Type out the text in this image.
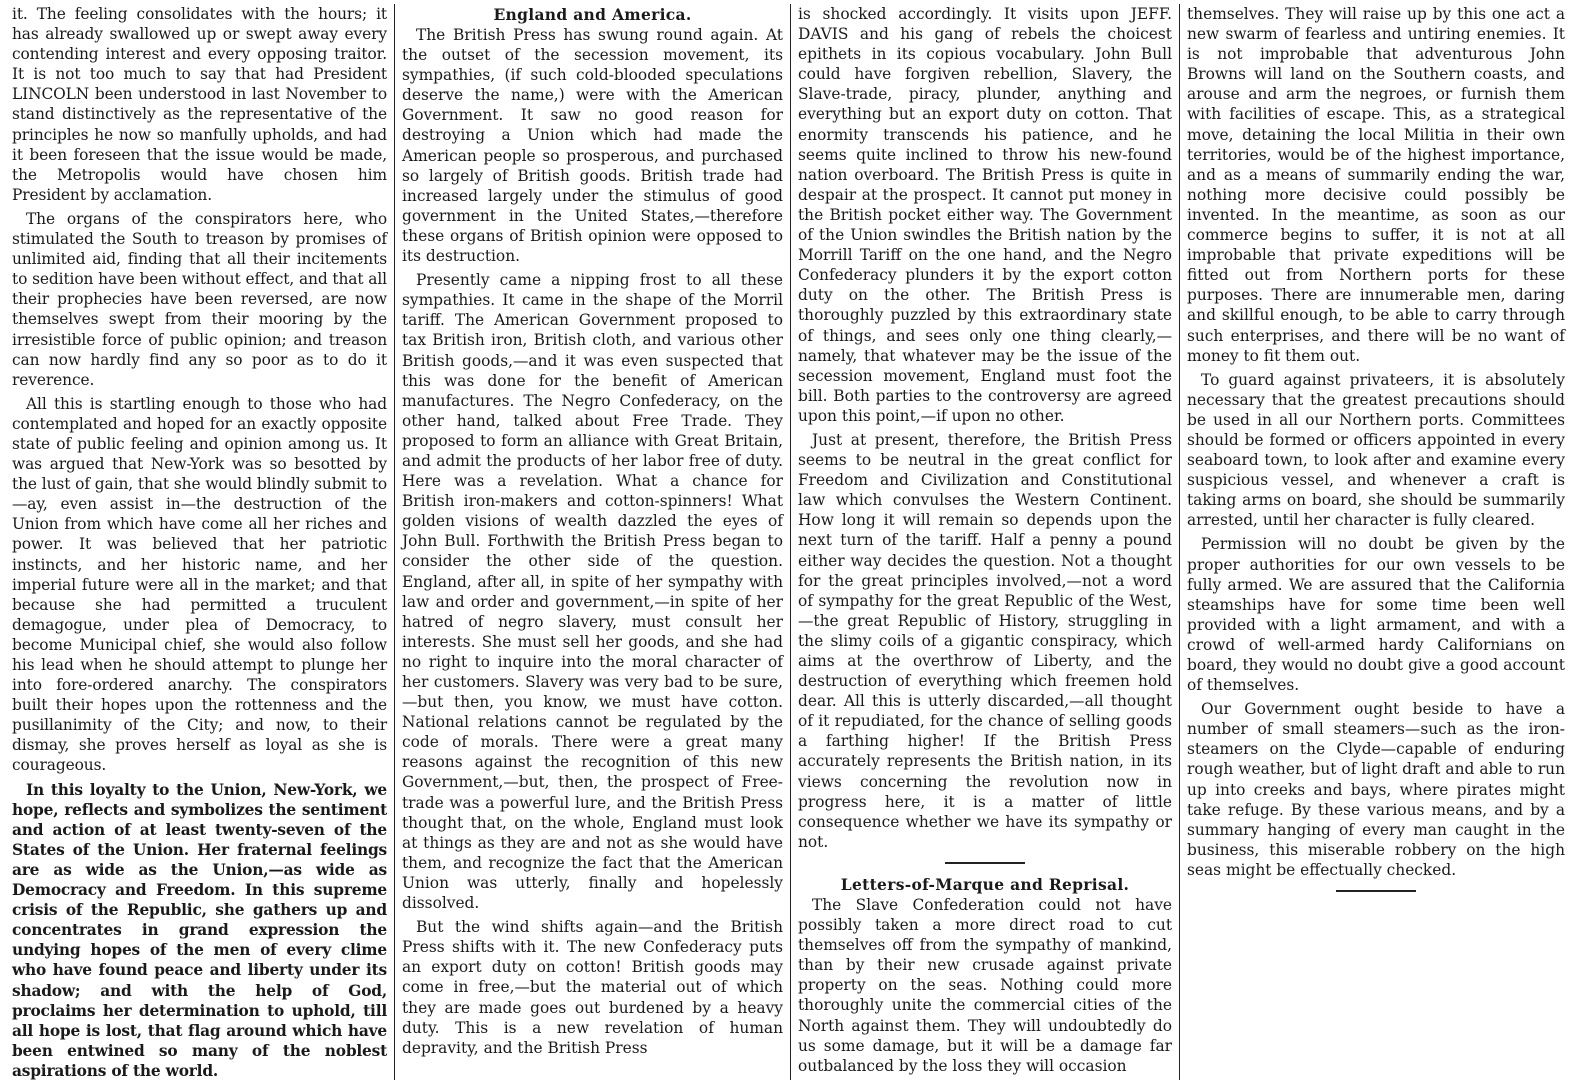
it. The feeling consolidates with the hours; it has already swallowed up or swept away every contending interest and every opposing traitor. It is not too much to say that had President LINCOLN been understood in last November to stand distinctively as the representative of the principles he now so manfully upholds, and had it been foreseen that the issue would be made, the Metropolis would have chosen him President by acclamation.

The organs of the conspirators here, who stimulated the South to treason by promises of unlimited aid, finding that all their incitements to sedition have been without effect, and that all their prophecies have been reversed, are now themselves swept from their mooring by the irresistible force of public opinion; and treason can now hardly find any so poor as to do it reverence.

All this is startling enough to those who had contemplated and hoped for an exactly opposite state of public feeling and opinion among us. It was argued that New-York was so besotted by the lust of gain, that she would blindly submit to—ay, even assist in—the destruction of the Union from which have come all her riches and power. It was believed that her patriotic instincts, and her historic name, and her imperial future were all in the market; and that because she had permitted a truculent demagogue, under plea of Democracy, to become Municipal chief, she would also follow his lead when he should attempt to plunge her into fore-ordered anarchy. The conspirators built their hopes upon the rottenness and the pusillanimity of the City; and now, to their dismay, she proves herself as loyal as she is courageous.

In this loyalty to the Union, New-York, we hope, reflects and symbolizes the sentiment and action of at least twenty-seven of the States of the Union. Her fraternal feelings are as wide as the Union,—as wide as Democracy and Freedom. In this supreme crisis of the Republic, she gathers up and concentrates in grand expression the undying hopes of the men of every clime who have found peace and liberty under its shadow; and with the help of God, proclaims her determination to uphold, till all hope is lost, that flag around which have been entwined so many of the noblest aspirations of the world.

England and America.

The British Press has swung round again. At the outset of the secession movement, its sympathies, (if such cold-blooded speculations deserve the name,) were with the American Government. It saw no good reason for destroying a Union which had made the American people so prosperous, and purchased so largely of British goods. British trade had increased largely under the stimulus of good government in the United States,—therefore these organs of British opinion were opposed to its destruction.

Presently came a nipping frost to all these sympathies. It came in the shape of the Morril tariff. The American Government proposed to tax British iron, British cloth, and various other British goods,—and it was even suspected that this was done for the benefit of American manufactures. The Negro Confederacy, on the other hand, talked about Free Trade. They proposed to form an alliance with Great Britain, and admit the products of her labor free of duty. Here was a revelation. What a chance for British iron-makers and cotton-spinners! What golden visions of wealth dazzled the eyes of John Bull. Forthwith the British Press began to consider the other side of the question. England, after all, in spite of her sympathy with law and order and government,—in spite of her hatred of negro slavery, must consult her interests. She must sell her goods, and she had no right to inquire into the moral character of her customers. Slavery was very bad to be sure,—but then, you know, we must have cotton. National relations cannot be regulated by the code of morals. There were a great many reasons against the recognition of this new Government,—but, then, the prospect of Free-trade was a powerful lure, and the British Press thought that, on the whole, England must look at things as they are and not as she would have them, and recognize the fact that the American Union was utterly, finally and hopelessly dissolved.

But the wind shifts again—and the British Press shifts with it. The new Confederacy puts an export duty on cotton! British goods may come in free,—but the material out of which they are made goes out burdened by a heavy duty. This is a new revelation of human depravity, and the British Press

is shocked accordingly. It visits upon JEFF. DAVIS and his gang of rebels the choicest epithets in its copious vocabulary. John Bull could have forgiven rebellion, Slavery, the Slave-trade, piracy, plunder, anything and everything but an export duty on cotton. That enormity transcends his patience, and he seems quite inclined to throw his new-found nation overboard. The British Press is quite in despair at the prospect. It cannot put money in the British pocket either way. The Government of the Union swindles the British nation by the Morrill Tariff on the one hand, and the Negro Confederacy plunders it by the export cotton duty on the other. The British Press is thoroughly puzzled by this extraordinary state of things, and sees only one thing clearly,—namely, that whatever may be the issue of the secession movement, England must foot the bill. Both parties to the controversy are agreed upon this point,—if upon no other.

Just at present, therefore, the British Press seems to be neutral in the great conflict for Freedom and Civilization and Constitutional law which convulses the Western Continent. How long it will remain so depends upon the next turn of the tariff. Half a penny a pound either way decides the question. Not a thought for the great principles involved,—not a word of sympathy for the great Republic of the West,—the great Republic of History, struggling in the slimy coils of a gigantic conspiracy, which aims at the overthrow of Liberty, and the destruction of everything which freemen hold dear. All this is utterly discarded,—all thought of it repudiated, for the chance of selling goods a farthing higher! If the British Press accurately represents the British nation, in its views concerning the revolution now in progress here, it is a matter of little consequence whether we have its sympathy or not.

Letters-of-Marque and Reprisal.

The Slave Confederation could not have possibly taken a more direct road to cut themselves off from the sympathy of mankind, than by their new crusade against private property on the seas. Nothing could more thoroughly unite the commercial cities of the North against them. They will undoubtedly do us some damage, but it will be a damage far outbalanced by the loss they will occasion

themselves. They will raise up by this one act a new swarm of fearless and untiring enemies. It is not improbable that adventurous John Browns will land on the Southern coasts, and arouse and arm the negroes, or furnish them with facilities of escape. This, as a strategical move, detaining the local Militia in their own territories, would be of the highest importance, and as a means of summarily ending the war, nothing more decisive could possibly be invented. In the meantime, as soon as our commerce begins to suffer, it is not at all improbable that private expeditions will be fitted out from Northern ports for these purposes. There are innumerable men, daring and skillful enough, to be able to carry through such enterprises, and there will be no want of money to fit them out.

To guard against privateers, it is absolutely necessary that the greatest precautions should be used in all our Northern ports. Committees should be formed or officers appointed in every seaboard town, to look after and examine every suspicious vessel, and whenever a craft is taking arms on board, she should be summarily arrested, until her character is fully cleared.

Permission will no doubt be given by the proper authorities for our own vessels to be fully armed. We are assured that the California steamships have for some time been well provided with a light armament, and with a crowd of well-armed hardy Californians on board, they would no doubt give a good account of themselves.

Our Government ought beside to have a number of small steamers—such as the iron-steamers on the Clyde—capable of enduring rough weather, but of light draft and able to run up into creeks and bays, where pirates might take refuge. By these various means, and by a summary hanging of every man caught in the business, this miserable robbery on the high seas might be effectually checked.
